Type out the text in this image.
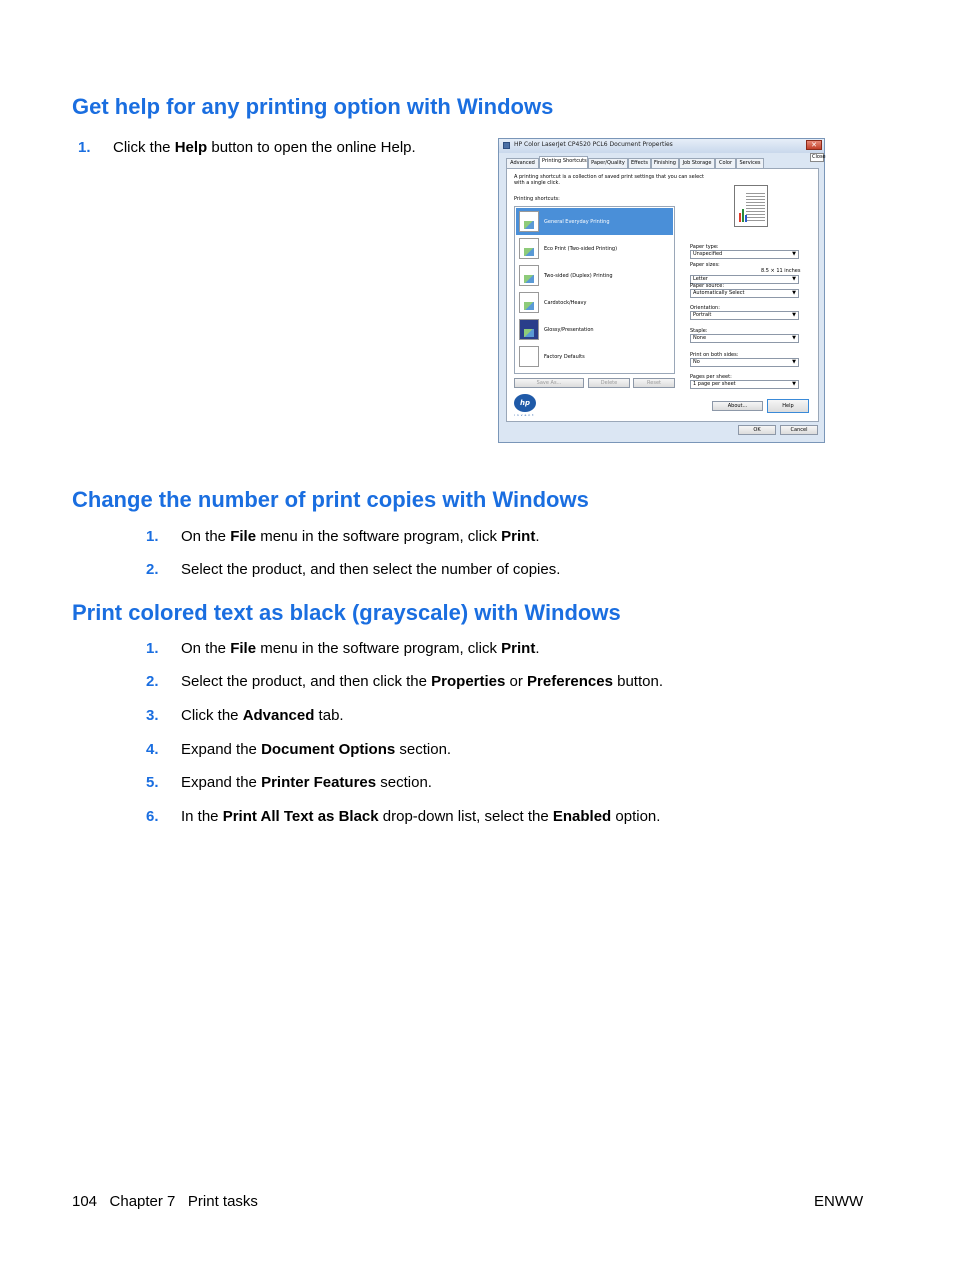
Get help for any printing option with Windows
1. Click the Help button to open the online Help.	HP Color LaserJet CP4520 PCL6 Document Properties	✕
Close
Advanced	Printing Shortcuts Paper/Quality	Effects	Finishing	Job Storage	Color	Services
A printing shortcut is a collection of saved print settings that you can select with a single click.
Printing shortcuts:
General Everyday Printing
Eco Print (Two-sided Printing)
Two-sided (Duplex) Printing
Cardstock/Heavy
Glossy/Presentation
Factory Defaults
Save As...	Delete	Reset
Paper type:
Unspecified	▼
Paper sizes:
8.5 × 11 inches
Letter	▼
Paper source:
Automatically Select	▼
Orientation:
Portrait	▼
Staple:
None	▼
Print on both sides:
No	▼
Pages per sheet:
1 page per sheet	▼
hp
invent
About...	Help
OK	Cancel
Change the number of print copies with Windows
1. On the File menu in the software program, click Print.
2. Select the product, and then select the number of copies.
Print colored text as black (grayscale) with Windows
1. On the File menu in the software program, click Print.
2. Select the product, and then click the Properties or Preferences button.
3. Click the Advanced tab.
4. Expand the Document Options section.
5. Expand the Printer Features section.
6. In the Print All Text as Black drop-down list, select the Enabled option.
104   Chapter 7   Print tasks	ENWW
